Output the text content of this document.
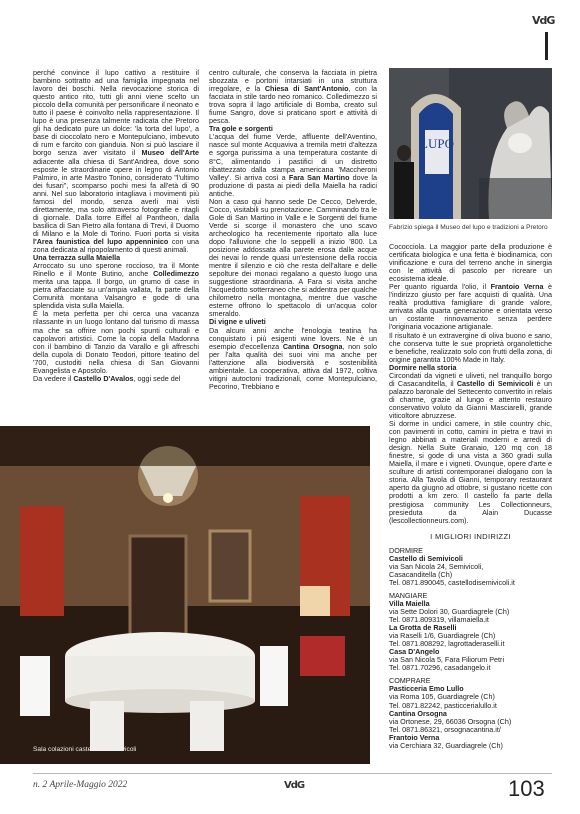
VdG

perché convince il lupo cattivo a restituire il bambino sottratto ad una famiglia impegnata nel lavoro dei boschi. Nella rievocazione storica di questo antico rito, tutti gli anni viene scelto un piccolo della comunità per personificare il neonato e tutto il paese è coinvolto nella rappresentazione. Il lupo è una presenza talmente radicata che Pretoro gli ha dedicato pure un dolce: 'la torta del lupo', a base di cioccolato nero e Montepulciano, imbevuto di rum e farcito con gianduia. Non si può lasciare il borgo senza aver visitato il Museo dell'Arte adiacente alla chiesa di Sant'Andrea, dove sono esposte le straordinarie opere in legno di Antonio Palmiro, in arte Mastro Tonino, considerato "l'ultimo dei fusari", scomparso pochi mesi fa all'età di 90 anni. Nel suo laboratorio intagliava i movimenti più famosi del mondo, senza averli mai visti direttamente, ma solo attraverso fotografie e ritagli di giornale. Dalla torre Eiffel al Pantheon, dalla basilica di San Pietro alla fontana di Trevi, il Duomo di Milano e la Mole di Torino. Fuori porta si visita l'Area faunistica del lupo appenninico con una zona dedicata al ripopolamento di questi animali.

Una terrazza sulla Maiella

Arroccato su uno sperone roccioso, tra il Monte Rinello e il Monte Butino, anche Colledimezzo merita una tappa. Il borgo, un grumo di case in pietra affacciate su un'ampia vallata, fa parte della Comunità montana Valsangro e gode di una splendida vista sulla Maiella.

È la meta perfetta per chi cerca una vacanza rilassante in un luogo lontano dal turismo di massa ma che sa offrire non pochi spunti culturali e capolavori artistici. Come la copia della Madonna con il bambino di Tanzio da Varallo e gli affreschi della cupola di Donato Teodori, pittore teatino del '700, custoditi nella chiesa di San Giovanni Evangelista e Apostolo.

Da vedere il Castello D'Avalos, oggi sede del

centro culturale, che conserva la facciata in pietra sbozzata e portoni intarsiati in una struttura irregolare, e la Chiesa di Sant'Antonio, con la facciata in stile tardo neo romanico. Colledimezzo si trova sopra il lago artificiale di Bomba, creato sul fiume Sangro, dove si praticano sport e attività di pesca.

Tra gole e sorgenti

L'acqua del fiume Verde, affluente dell'Aventino, nasce sul monte Acquaviva a tremila metri d'altezza e sgorga purissima a una temperatura costante di 8°C, alimentando i pastifici di un distretto ribattezzato dalla stampa americana 'Maccheroni Valley'. Si arriva così a Fara San Martino dove la produzione di pasta ai piedi della Maiella ha radici antiche.

Non a caso qui hanno sede De Cecco, Delverde, Cocco, visitabili su prenotazione. Camminando tra le Gole di San Martino in Valle e le Sorgenti del fiume Verde si scorge il monastero che uno scavo archeologico ha recentemente riportato alla luce dopo l'alluvione che lo seppellì a inizio '800. La posizione addossata alla parete erosa dalle acque dei nevai lo rende quasi un'estensione della roccia mentre il silenzio e ciò che resta dell'altare e delle sepolture dei monaci regalano a questo luogo una suggestione straordinaria. A Fara si visita anche l'acquedotto sotterraneo che si addentra per qualche chilometro nella montagna, mentre due vasche esterne offrono lo spettacolo di un'acqua color smeraldo.

Di vigne e uliveti

Da alcuni anni anche l'enologia teatina ha conquistato i più esigenti wine lovers. Ne è un esempio d'eccellenza Cantina Orsogna, non solo per l'alta qualità dei suoi vini ma anche per l'attenzione alla biodiversità e sostenibilità ambientale. La cooperativa, attiva dal 1972, coltiva vitigni autoctoni tradizionali, come Montepulciano, Pecorino, Trebbiano e

LUPO
Fabrizio spiega il Museo del lupo e tradizioni a Pretoro

Cococciola. La maggior parte della produzione è certificata biologica e una fetta è biodinamica, con vinificazione e cura del terreno anche in sinergia con le attività di pascolo per ricreare un ecosistema ideale.

Per quanto riguarda l'olio, il Frantoio Verna è l'indirizzo giusto per fare acquisti di qualità. Una realtà produttiva famigliare di grande valore, arrivata alla quarta generazione e orientata verso un costante rinnovamento senza perdere l'originaria vocazione artigianale.

Il risultato è un extravergine di oliva buono e sano, che conserva tutte le sue proprietà organolettiche e benefiche, realizzato solo con frutti della zona, di origine garantita 100% Made in Italy.

Dormire nella storia

Circondati da vigneti e uliveti, nel tranquillo borgo di Casacanditella, il Castello di Semivicoli è un palazzo baronale del Settecento convertito in relais di charme, grazie al lungo e attento restauro conservativo voluto da Gianni Masciarelli, grande viticoltore abruzzese.

Si dorme in undici camere, in stile country chic, con pavimenti in cotto, camini in pietra e travi in legno abbinati a materiali moderni e arredi di design. Nella Suite Granaio, 120 mq con 18 finestre, si gode di una vista a 360 gradi sulla Maiella, il mare e i vigneti. Ovunque, opere d'arte e sculture di artisti contemporanei dialogano con la storia. Alla Tavola di Gianni, temporary restaurant aperto da giugno ad ottobre, si gustano ricette con prodotti a km zero. Il castello fa parte della prestigiosa community Les Collectionneurs, presieduta da Alain Ducasse (lescollectionneurs.com).

I MIGLIORI INDIRIZZI
DORMIRE
Castello di Semivicoli
via San Nicola 24, Semivicoli,
Casacanditella (Ch)
Tel. 0871.890045, castellodisemivicoli.it
MANGIARE
Villa Maiella
via Sette Dolori 30, Guardiagrele (Ch)
Tel. 0871.809319, villamaiella.it
La Grotta de Raselli
via Raselli 1/6, Guardiagrele (Ch)
Tel. 0871.808292, lagrottaderaselli.it
Casa D'Angelo
via San Nicola 5, Fara Filiorum Petri
Tel. 0871.70296, casadangelo.it
COMPRARE
Pasticceria Emo Lullo
via Roma 105, Guardiagrele (Ch)
Tel. 0871.82242, pasticcerialullo.it
Cantina Orsogna
via Ortonese, 29, 66036 Orsogna (Ch)
Tel. 0871.86321, orsognacantina.it/
Frantoio Verna
via Cerchiara 32, Guardiagrele (Ch)
Sala colazioni castello di Semivicoli
n. 2 Aprile-Maggio 2022	VdG	103
